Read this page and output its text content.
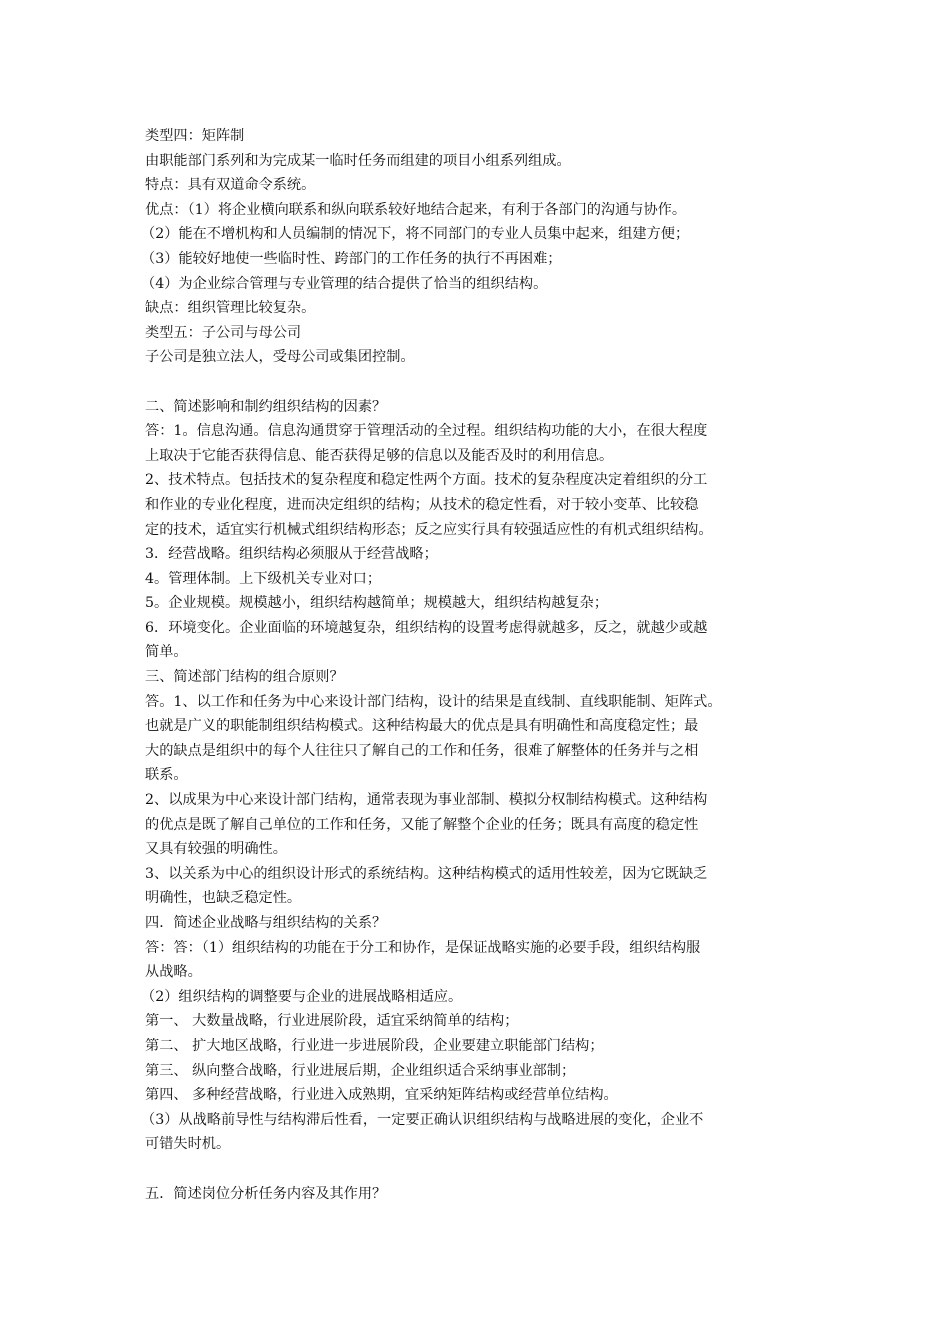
类型四：矩阵制
由职能部门系列和为完成某一临时任务而组建的项目小组系列组成。
特点：具有双道命令系统。
优点：（1）将企业横向联系和纵向联系较好地结合起来，有利于各部门的沟通与协作。
（2）能在不增机构和人员编制的情况下，将不同部门的专业人员集中起来，组建方便；
（3）能较好地使一些临时性、跨部门的工作任务的执行不再困难；
（4）为企业综合管理与专业管理的结合提供了恰当的组织结构。
缺点：组织管理比较复杂。
类型五：子公司与母公司
子公司是独立法人，受母公司或集团控制。
二、简述影响和制约组织结构的因素？
答：1。信息沟通。信息沟通贯穿于管理活动的全过程。组织结构功能的大小，在很大程度
上取决于它能否获得信息、能否获得足够的信息以及能否及时的利用信息。
2、技术特点。包括技术的复杂程度和稳定性两个方面。技术的复杂程度决定着组织的分工
和作业的专业化程度，进而决定组织的结构；从技术的稳定性看，对于较小变革、比较稳
定的技术，适宜实行机械式组织结构形态；反之应实行具有较强适应性的有机式组织结构。
3．经营战略。组织结构必须服从于经营战略；
4。管理体制。上下级机关专业对口；
5。企业规模。规模越小，组织结构越简单；规模越大，组织结构越复杂；
6．环境变化。企业面临的环境越复杂，组织结构的设置考虑得就越多，反之，就越少或越
简单。
三、简述部门结构的组合原则？
答。1、以工作和任务为中心来设计部门结构，设计的结果是直线制、直线职能制、矩阵式。
也就是广义的职能制组织结构模式。这种结构最大的优点是具有明确性和高度稳定性；最
大的缺点是组织中的每个人往往只了解自己的工作和任务，很难了解整体的任务并与之相
联系。
2、以成果为中心来设计部门结构，通常表现为事业部制、模拟分权制结构模式。这种结构
的优点是既了解自己单位的工作和任务，又能了解整个企业的任务；既具有高度的稳定性
又具有较强的明确性。
3、以关系为中心的组织设计形式的系统结构。这种结构模式的适用性较差，因为它既缺乏
明确性，也缺乏稳定性。
四．简述企业战略与组织结构的关系？
答：答：（1）组织结构的功能在于分工和协作，是保证战略实施的必要手段，组织结构服
从战略。
（2）组织结构的调整要与企业的进展战略相适应。
第一、 大数量战略，行业进展阶段，适宜采纳简单的结构；
第二、 扩大地区战略，行业进一步进展阶段，企业要建立职能部门结构；
第三、 纵向整合战略，行业进展后期，企业组织适合采纳事业部制；
第四、 多种经营战略，行业进入成熟期，宜采纳矩阵结构或经营单位结构。
（3）从战略前导性与结构滞后性看，一定要正确认识组织结构与战略进展的变化，企业不
可错失时机。
五．简述岗位分析任务内容及其作用？
